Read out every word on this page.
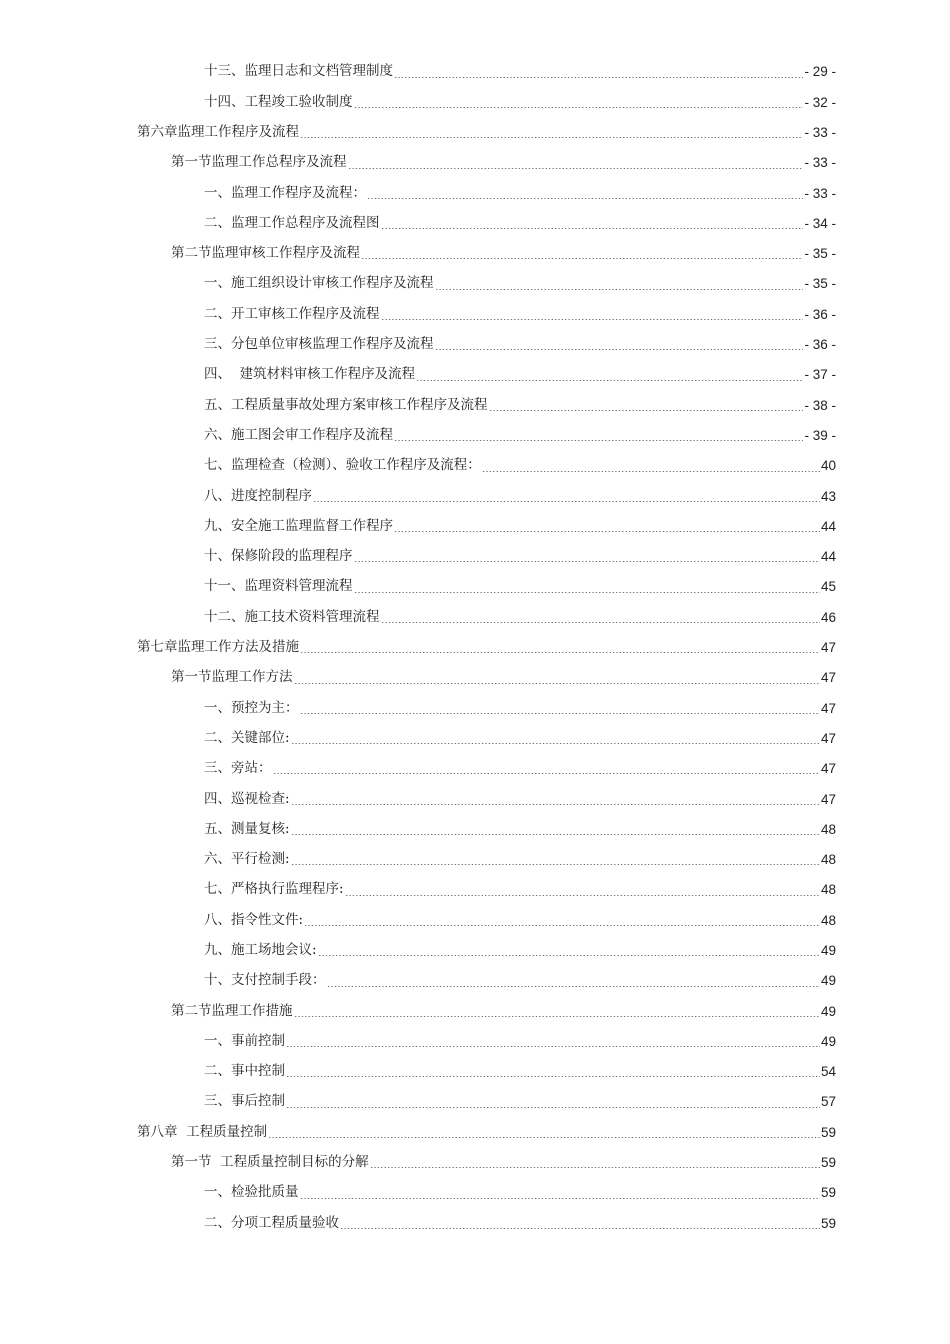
十三、监理日志和文档管理制度	- 29 -
十四、工程竣工验收制度	- 32 -
第六章监理工作程序及流程	- 33 -
第一节监理工作总程序及流程	- 33 -
一、监理工作程序及流程：	- 33 -
二、监理工作总程序及流程图	- 34 -
第二节监理审核工作程序及流程	- 35 -
一、施工组织设计审核工作程序及流程	- 35 -
二、开工审核工作程序及流程	- 36 -
三、分包单位审核监理工作程序及流程	- 36 -
四、  建筑材料审核工作程序及流程	- 37 -
五、工程质量事故处理方案审核工作程序及流程	- 38 -
六、施工图会审工作程序及流程	- 39 -
七、监理检查（检测）、验收工作程序及流程：	40
八、进度控制程序	43
九、安全施工监理监督工作程序	44
十、保修阶段的监理程序	44
十一、监理资料管理流程	45
十二、施工技术资料管理流程	46
第七章监理工作方法及措施	47
第一节监理工作方法	47
一、预控为主：	47
二、关键部位:	47
三、旁站：	47
四、巡视检查:	47
五、测量复核:	48
六、平行检测:	48
七、严格执行监理程序:	48
八、指令性文件:	48
九、施工场地会议:	49
十、支付控制手段：	49
第二节监理工作措施	49
一、事前控制	49
二、事中控制	54
三、事后控制	57
第八章  工程质量控制	59
第一节  工程质量控制目标的分解	59
一、检验批质量	59
二、分项工程质量验收	59
